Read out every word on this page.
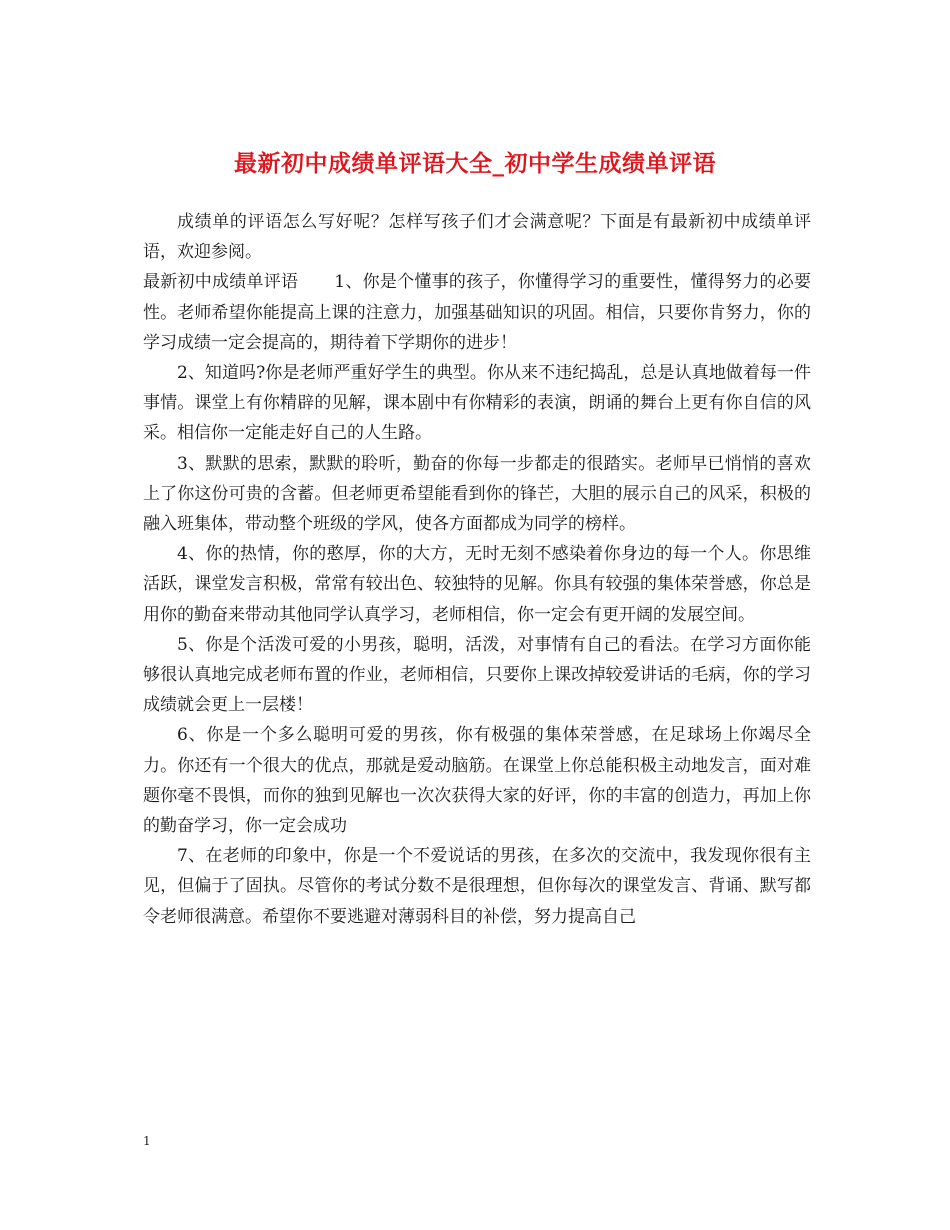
最新初中成绩单评语大全_初中学生成绩单评语

成绩单的评语怎么写好呢？怎样写孩子们才会满意呢？下面是有最新初中成绩单评语，欢迎参阅。

最新初中成绩单评语 1、你是个懂事的孩子，你懂得学习的重要性，懂得努力的必要性。老师希望你能提高上课的注意力，加强基础知识的巩固。相信，只要你肯努力，你的学习成绩一定会提高的，期待着下学期你的进步！

2、知道吗?你是老师严重好学生的典型。你从来不违纪捣乱，总是认真地做着每一件事情。课堂上有你精辟的见解，课本剧中有你精彩的表演，朗诵的舞台上更有你自信的风采。相信你一定能走好自己的人生路。

3、默默的思索，默默的聆听，勤奋的你每一步都走的很踏实。老师早已悄悄的喜欢上了你这份可贵的含蓄。但老师更希望能看到你的锋芒，大胆的展示自己的风采，积极的融入班集体，带动整个班级的学风，使各方面都成为同学的榜样。

4、你的热情，你的憨厚，你的大方，无时无刻不感染着你身边的每一个人。你思维活跃，课堂发言积极，常常有较出色、较独特的见解。你具有较强的集体荣誉感，你总是用你的勤奋来带动其他同学认真学习，老师相信，你一定会有更开阔的发展空间。

5、你是个活泼可爱的小男孩，聪明，活泼，对事情有自己的看法。在学习方面你能够很认真地完成老师布置的作业，老师相信，只要你上课改掉较爱讲话的毛病，你的学习成绩就会更上一层楼！

6、你是一个多么聪明可爱的男孩，你有极强的集体荣誉感，在足球场上你竭尽全力。你还有一个很大的优点，那就是爱动脑筋。在课堂上你总能积极主动地发言，面对难题你毫不畏惧，而你的独到见解也一次次获得大家的好评，你的丰富的创造力，再加上你的勤奋学习，你一定会成功

7、在老师的印象中，你是一个不爱说话的男孩，在多次的交流中，我发现你很有主见，但偏于了固执。尽管你的考试分数不是很理想，但你每次的课堂发言、背诵、默写都令老师很满意。希望你不要逃避对薄弱科目的补偿，努力提高自己

1
